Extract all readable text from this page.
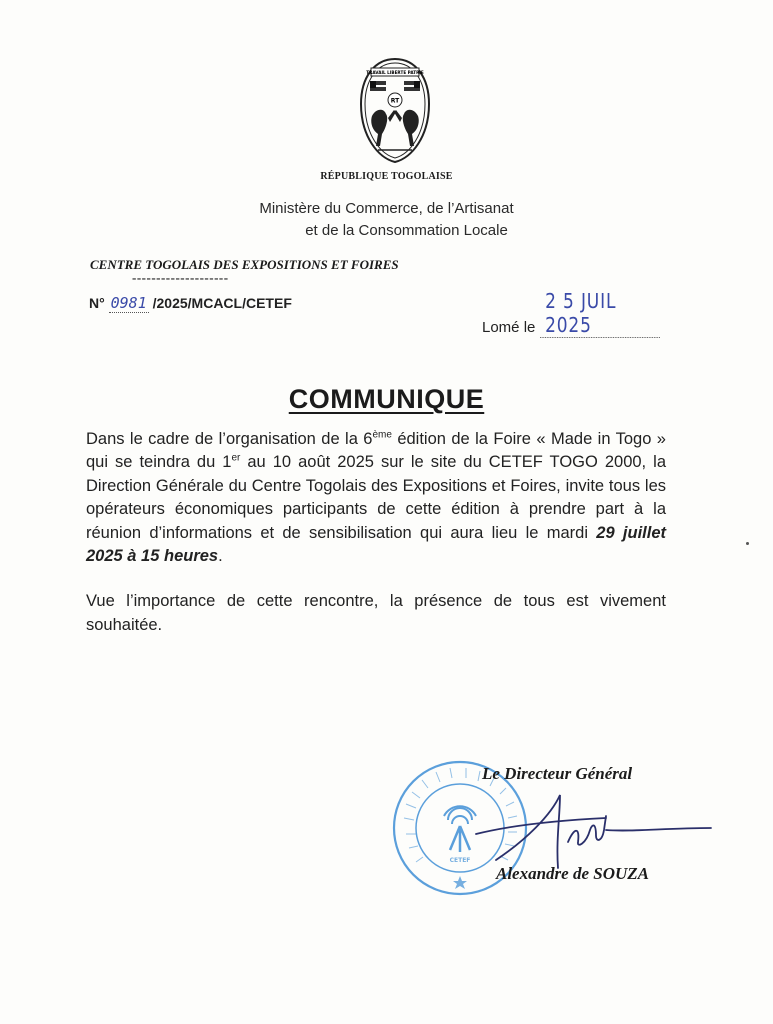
TRAVAIL LIBERTE PATRIE
RT
RÉPUBLIQUE TOGOLAISE
Ministère du Commerce, de l’Artisanat
et de la Consommation Locale
CENTRE TOGOLAIS DES EXPOSITIONS ET FOIRES
--------------------
N° 0981 /2025/MCACL/CETEF
Lomé le 2 5 JUIL 2025
COMMUNIQUE

Dans le cadre de l’organisation de la 6ème édition de la Foire « Made in Togo » qui se teindra du 1er au 10 août 2025 sur le site du CETEF TOGO 2000, la Direction Générale du Centre Togolais des Expositions et Foires, invite tous les opérateurs économiques participants de cette édition à prendre part à la réunion d’informations et de sensibilisation qui aura lieu le mardi 29 juillet 2025 à 15 heures.

Vue l’importance de cette rencontre, la présence de tous est vivement souhaitée.

CETEF
Le Directeur Général
Alexandre de SOUZA
